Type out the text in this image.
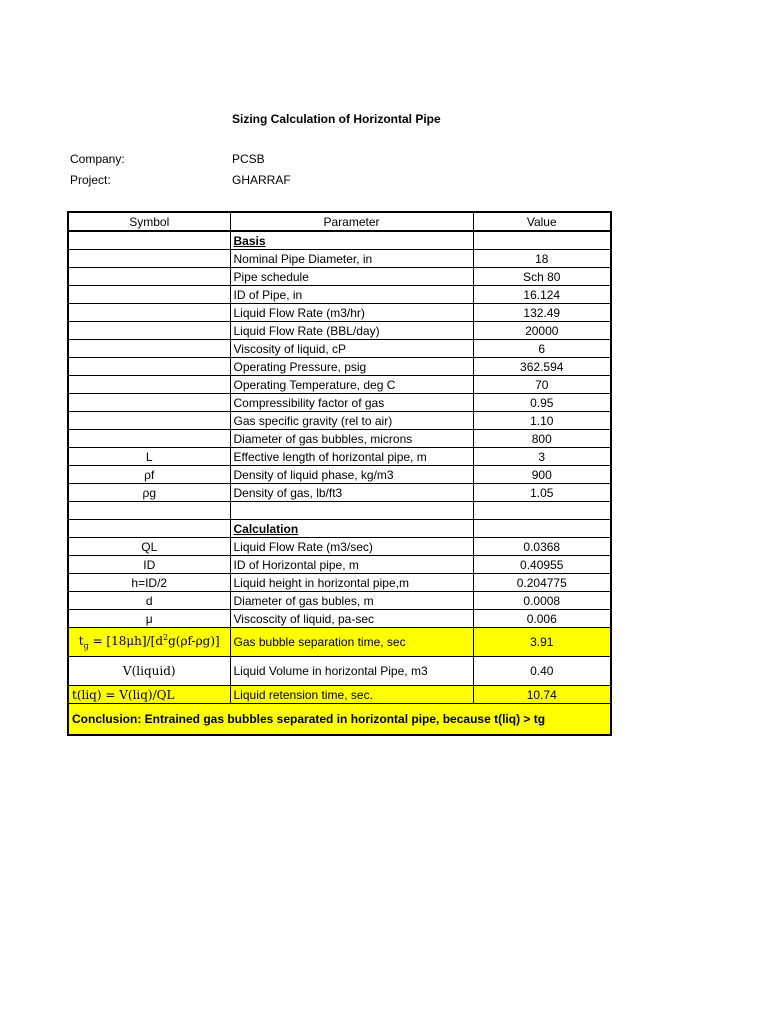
Sizing Calculation of Horizontal Pipe
Company:	PCSB
Project:	GHARRAF
Symbol	Parameter	Value
	Basis	
	Nominal Pipe Diameter, in	18
	Pipe schedule	Sch 80
	ID of Pipe, in	16.124
	Liquid Flow Rate (m3/hr)	132.49
	Liquid Flow Rate (BBL/day)	20000
	Viscosity of liquid, cP	6
	Operating Pressure, psig	362.594
	Operating Temperature, deg C	70
	Compressibility factor of gas	0.95
	Gas specific gravity (rel to air)	1.10
	Diameter of gas bubbles, microns	800
L	Effective length of horizontal pipe, m	3
ρf	Density of liquid phase, kg/m3	900
ρg	Density of gas, lb/ft3	1.05

	Calculation	
QL	Liquid Flow Rate (m3/sec)	0.0368
ID	ID of Horizontal pipe, m	0.40955
h=ID/2	Liquid height in horizontal pipe,m	0.204775
d	Diameter of gas bubles, m	0.0008
μ	Viscoscity of liquid, pa-sec	0.006
$t_g = [18\mu h]/[d^2g(\rho f-\rho g)]$	Gas bubble separation time, sec	3.91
V(liquid)	Liquid Volume in horizontal Pipe, m3	0.40
t(liq) = V(liq)/QL	Liquid retension time, sec.	10.74
Conclusion: Entrained gas bubbles separated in horizontal pipe, because t(liq) > tg		
